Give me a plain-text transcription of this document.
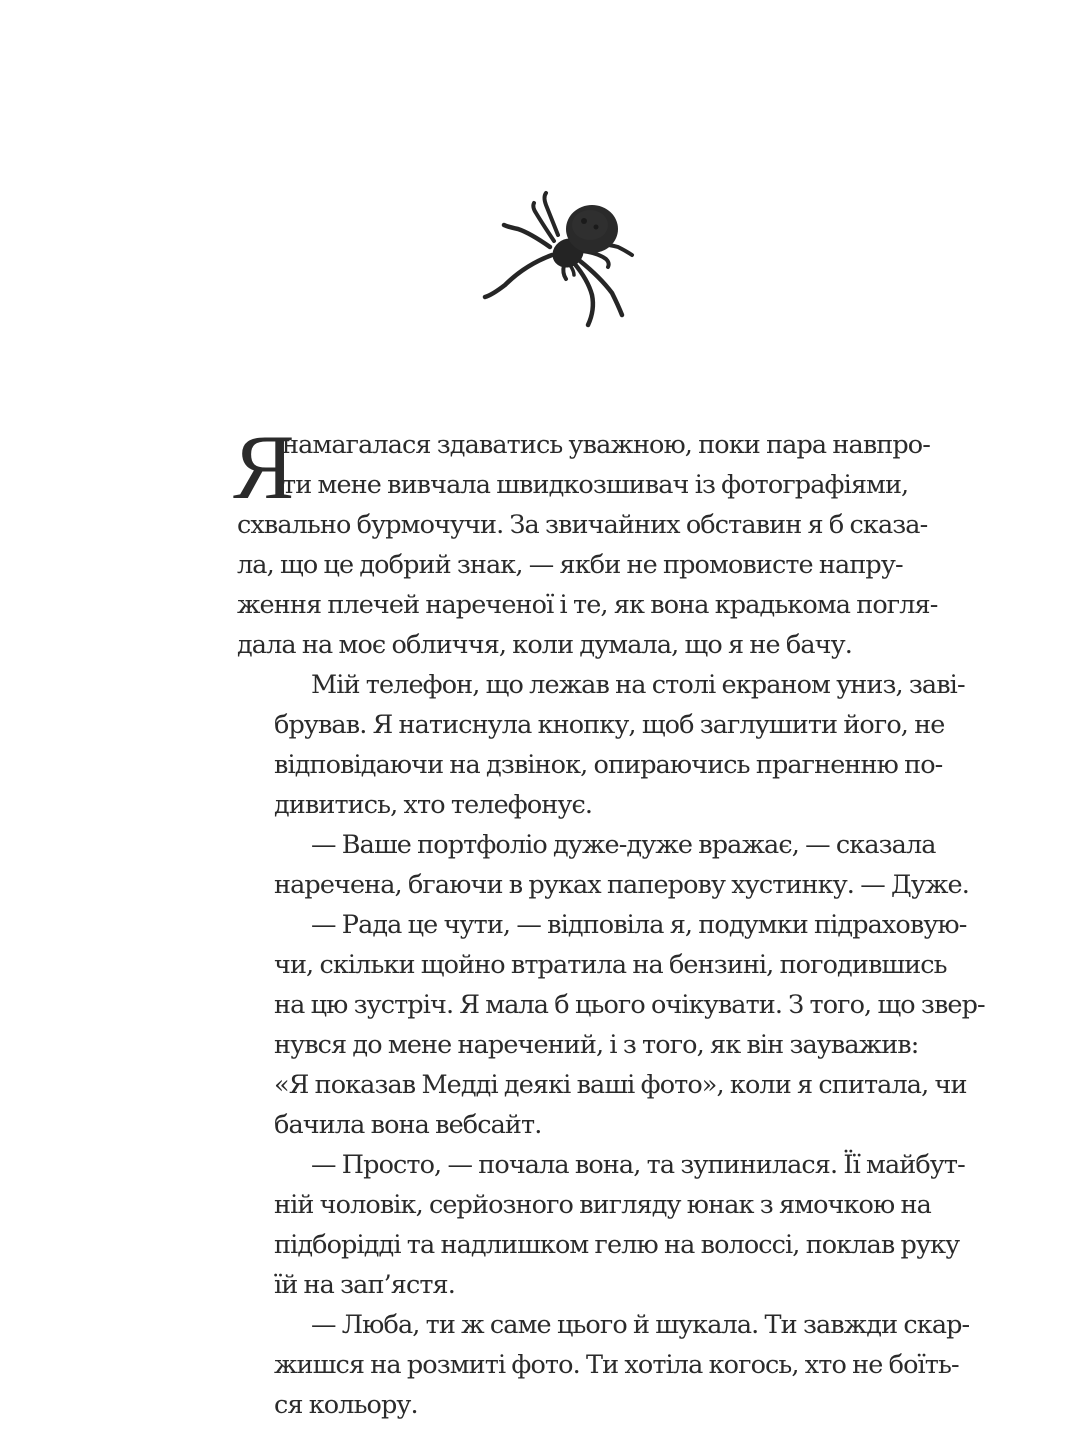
Я

намагалася здаватись уважною, поки пара навпро-
ти мене вивчала швидкозшивач із фотографіями,
схвально бурмочучи. За звичайних обставин я б сказа-
ла, що це добрий знак, — якби не промовисте напру-
ження плечей нареченої і те, як вона крадькома погля-
дала на моє обличчя, коли думала, що я не бачу.

Мій телефон, що лежав на столі екраном униз, заві-
брував. Я натиснула кнопку, щоб заглушити його, не
відповідаючи на дзвінок, опираючись прагненню по-
дивитись, хто телефонує.

— Ваше портфоліо дуже-дуже вражає, — сказала
наречена, бгаючи в руках паперову хустинку. — Дуже.

— Рада це чути, — відповіла я, подумки підраховую-
чи, скільки щойно втратила на бензині, погодившись
на цю зустріч. Я мала б цього очікувати. З того, що звер-
нувся до мене наречений, і з того, як він зауважив:
«Я показав Медді деякі ваші фото», коли я спитала, чи
бачила вона вебсайт.

— Просто, — почала вона, та зупинилася. Її майбут-
ній чоловік, серйозного вигляду юнак з ямочкою на
підборідді та надлишком гелю на волоссі, поклав руку
їй на зап’ястя.

— Люба, ти ж саме цього й шукала. Ти завжди скар-
жишся на розмиті фото. Ти хотіла когось, хто не боїть-
ся кольору.
